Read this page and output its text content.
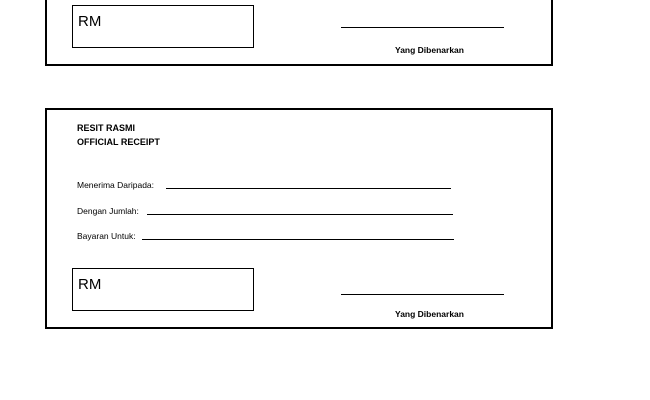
RM
Yang Dibenarkan
RESIT RASMI
OFFICIAL RECEIPT
Menerima Daripada:
Dengan Jumlah:
Bayaran Untuk:
RM
Yang Dibenarkan
